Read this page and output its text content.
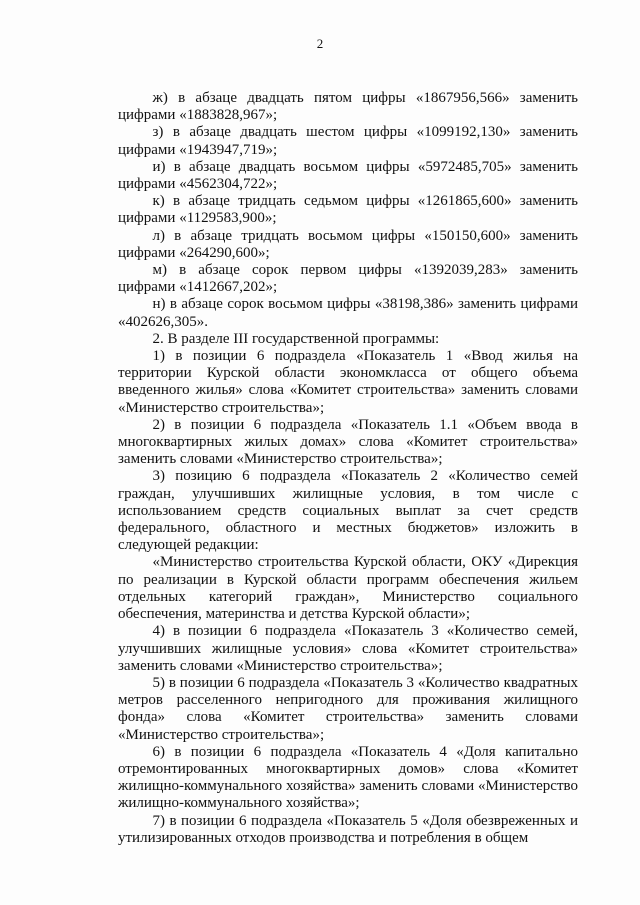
2

ж) в абзаце двадцать пятом цифры «1867956,566» заменить цифрами «1883828,967»;

з) в абзаце двадцать шестом цифры «1099192,130» заменить цифрами «1943947,719»;

и) в абзаце двадцать восьмом цифры «5972485,705» заменить цифрами «4562304,722»;

к) в абзаце тридцать седьмом цифры «1261865,600» заменить цифрами «1129583,900»;

л) в абзаце тридцать восьмом цифры «150150,600» заменить цифрами «264290,600»;

м) в абзаце сорок первом цифры «1392039,283» заменить цифрами «1412667,202»;

н) в абзаце сорок восьмом цифры «38198,386» заменить цифрами «402626,305».

2. В разделе III государственной программы:

1) в позиции 6 подраздела «Показатель 1 «Ввод жилья на территории Курской области экономкласса от общего объема введенного жилья» слова «Комитет строительства» заменить словами «Министерство строительства»;

2) в позиции 6 подраздела «Показатель 1.1 «Объем ввода в многоквартирных жилых домах» слова «Комитет строительства» заменить словами «Министерство строительства»;

3) позицию 6 подраздела «Показатель 2 «Количество семей граждан, улучшивших жилищные условия, в том числе с использованием средств социальных выплат за счет средств федерального, областного и местных бюджетов» изложить в следующей редакции:

«Министерство строительства Курской области, ОКУ «Дирекция по реализации в Курской области программ обеспечения жильем отдельных категорий граждан», Министерство социального обеспечения, материнства и детства Курской области»;

4) в позиции 6 подраздела «Показатель 3 «Количество семей, улучшивших жилищные условия» слова «Комитет строительства» заменить словами «Министерство строительства»;

5) в позиции 6 подраздела «Показатель 3 «Количество квадратных метров расселенного непригодного для проживания жилищного фонда» слова «Комитет строительства» заменить словами «Министерство строительства»;

6) в позиции 6 подраздела «Показатель 4 «Доля капитально отремонтированных многоквартирных домов» слова «Комитет жилищно-коммунального хозяйства» заменить словами «Министерство жилищно-коммунального хозяйства»;

7) в позиции 6 подраздела «Показатель 5 «Доля обезвреженных и утилизированных отходов производства и потребления в общем
